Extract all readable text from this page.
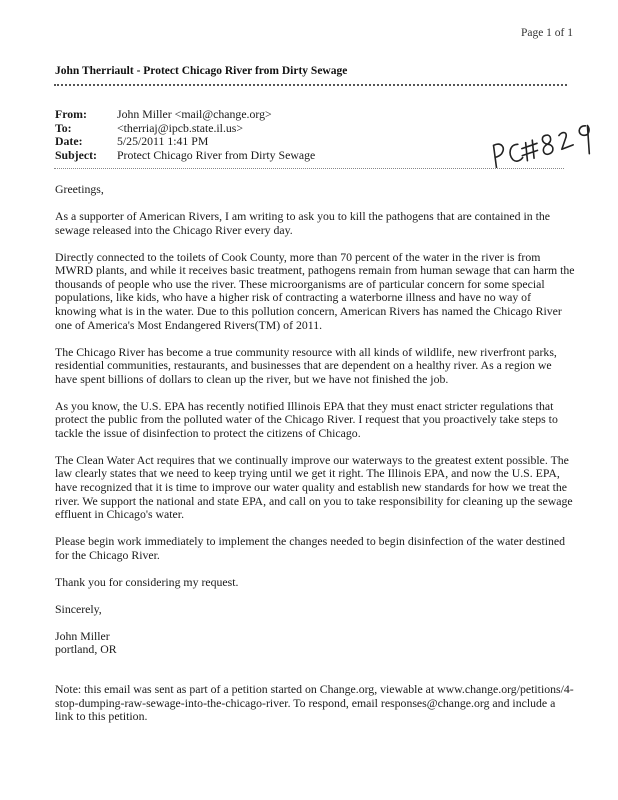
Page 1 of 1
John Therriault - Protect Chicago River from Dirty Sewage
From:	John Miller <mail@change.org>
To:	<therriaj@ipcb.state.il.us>
Date:	5/25/2011 1:41 PM
Subject:	Protect Chicago River from Dirty Sewage

Greetings,

As a supporter of American Rivers, I am writing to ask you to kill the pathogens that are contained in the sewage released into the Chicago River every day.

Directly connected to the toilets of Cook County, more than 70 percent of the water in the river is from MWRD plants, and while it receives basic treatment, pathogens remain from human sewage that can harm the thousands of people who use the river. These microorganisms are of particular concern for some special populations, like kids, who have a higher risk of contracting a waterborne illness and have no way of knowing what is in the water. Due to this pollution concern, American Rivers has named the Chicago River one of America's Most Endangered Rivers(TM) of 2011.

The Chicago River has become a true community resource with all kinds of wildlife, new riverfront parks, residential communities, restaurants, and businesses that are dependent on a healthy river. As a region we have spent billions of dollars to clean up the river, but we have not finished the job.

As you know, the U.S. EPA has recently notified Illinois EPA that they must enact stricter regulations that protect the public from the polluted water of the Chicago River. I request that you proactively take steps to tackle the issue of disinfection to protect the citizens of Chicago.

The Clean Water Act requires that we continually improve our waterways to the greatest extent possible. The law clearly states that we need to keep trying until we get it right. The Illinois EPA, and now the U.S. EPA, have recognized that it is time to improve our water quality and establish new standards for how we treat the river. We support the national and state EPA, and call on you to take responsibility for cleaning up the sewage effluent in Chicago's water.

Please begin work immediately to implement the changes needed to begin disinfection of the water destined for the Chicago River.

Thank you for considering my request.

Sincerely,

John Miller
portland, OR
Note: this email was sent as part of a petition started on Change.org, viewable at www.change.org/petitions/4-stop-dumping-raw-sewage-into-the-chicago-river. To respond, email responses@change.org and include a link to this petition.
